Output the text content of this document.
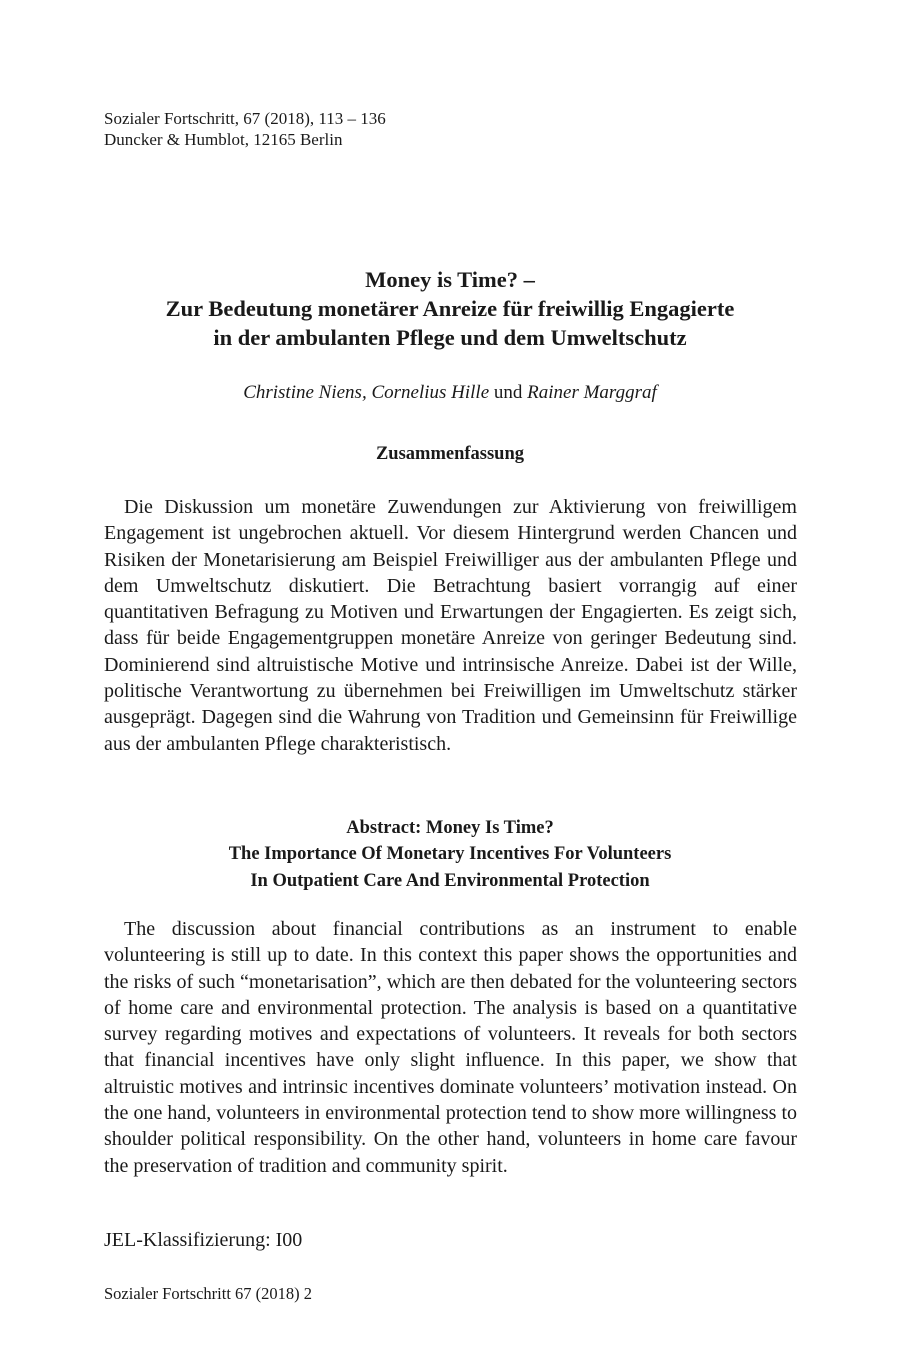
Sozialer Fortschritt, 67 (2018), 113 – 136
Duncker & Humblot, 12165 Berlin
Money is Time? –
Zur Bedeutung monetärer Anreize für freiwillig Engagierte
in der ambulanten Pflege und dem Umweltschutz
Christine Niens, Cornelius Hille und Rainer Marggraf
Zusammenfassung

Die Diskussion um monetäre Zuwendungen zur Aktivierung von freiwilligem Engagement ist ungebrochen aktuell. Vor diesem Hintergrund werden Chancen und Risiken der Monetarisierung am Beispiel Freiwilliger aus der ambulanten Pflege und dem Umweltschutz diskutiert. Die Betrachtung basiert vorrangig auf einer quantitativen Befragung zu Motiven und Erwartungen der Engagierten. Es zeigt sich, dass für beide Engagementgruppen monetäre Anreize von geringer Bedeutung sind. Dominierend sind altruistische Motive und intrinsische Anreize. Dabei ist der Wille, politische Verantwortung zu übernehmen bei Freiwilligen im Umweltschutz stärker ausgeprägt. Dagegen sind die Wahrung von Tradition und Gemeinsinn für Freiwillige aus der ambulanten Pflege charakteristisch.

Abstract: Money Is Time?
The Importance Of Monetary Incentives For Volunteers
In Outpatient Care And Environmental Protection

The discussion about financial contributions as an instrument to enable volunteering is still up to date. In this context this paper shows the opportunities and the risks of such “monetarisation”, which are then debated for the volunteering sectors of home care and environmental protection. The analysis is based on a quantitative survey regarding motives and expectations of volunteers. It reveals for both sectors that financial incentives have only slight influence. In this paper, we show that altruistic motives and intrinsic incentives dominate volunteers’ motivation instead. On the one hand, volunteers in environmental protection tend to show more willingness to shoulder political responsibility. On the other hand, volunteers in home care favour the preservation of tradition and community spirit.

JEL-Klassifizierung: I00
Sozialer Fortschritt 67 (2018) 2
